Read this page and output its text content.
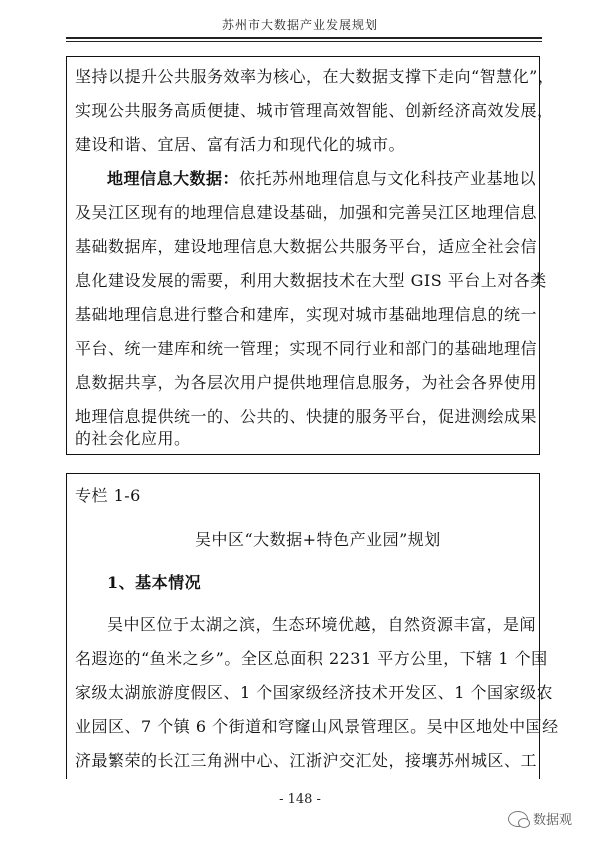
苏州市大数据产业发展规划
坚持以提升公共服务效率为核心，在大数据支撑下走向“智慧化”，
实现公共服务高质便捷、城市管理高效智能、创新经济高效发展，
建设和谐、宜居、富有活力和现代化的城市。
地理信息大数据：依托苏州地理信息与文化科技产业基地以
及吴江区现有的地理信息建设基础，加强和完善吴江区地理信息
基础数据库，建设地理信息大数据公共服务平台，适应全社会信
息化建设发展的需要，利用大数据技术在大型 GIS 平台上对各类
基础地理信息进行整合和建库，实现对城市基础地理信息的统一
平台、统一建库和统一管理；实现不同行业和部门的基础地理信
息数据共享，为各层次用户提供地理信息服务，为社会各界使用
地理信息提供统一的、公共的、快捷的服务平台，促进测绘成果
的社会化应用。
专栏 1-6
吴中区“大数据+特色产业园”规划
1、基本情况
吴中区位于太湖之滨，生态环境优越，自然资源丰富，是闻
名遐迩的“鱼米之乡”。全区总面积 2231 平方公里，下辖 1 个国
家级太湖旅游度假区、1 个国家级经济技术开发区、1 个国家级农
业园区、7 个镇 6 个街道和穹窿山风景管理区。吴中区地处中国经
济最繁荣的长江三角洲中心、江浙沪交汇处，接壤苏州城区、工
- 148 -
数据观
